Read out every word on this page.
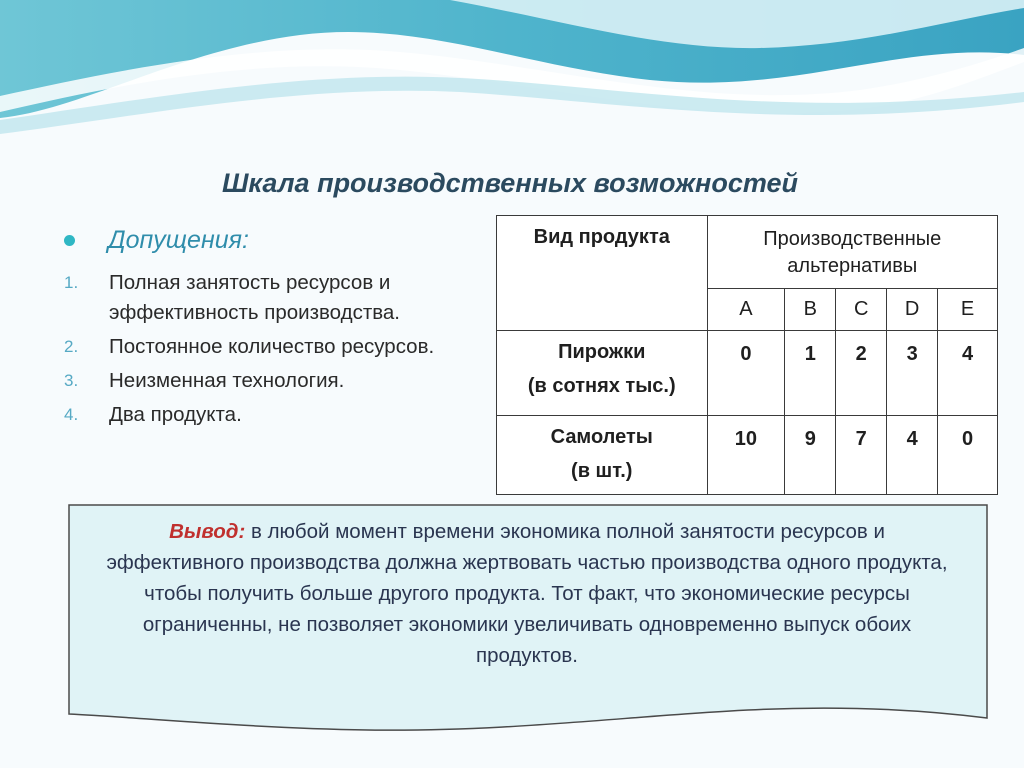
Шкала производственных возможностей
Допущения:
1.	Полная занятость ресурсов и эффективность производства.
2.	Постоянное количество ресурсов.
3.	Неизменная технология.
4.	Два продукта.
Вид продукта	Производственные альтернативы				
	A	B	C	D	E

Пирожки
(в сотнях тыс.)	0	1	2	3	4

Самолеты
(в шт.)	10	9	7	4	0
Вывод: в любой момент времени экономика полной занятости ресурсов и эффективного производства должна жертвовать частью производства одного продукта, чтобы получить больше другого продукта. Тот факт, что экономические ресурсы ограниченны, не позволяет экономики увеличивать одновременно выпуск обоих продуктов.
